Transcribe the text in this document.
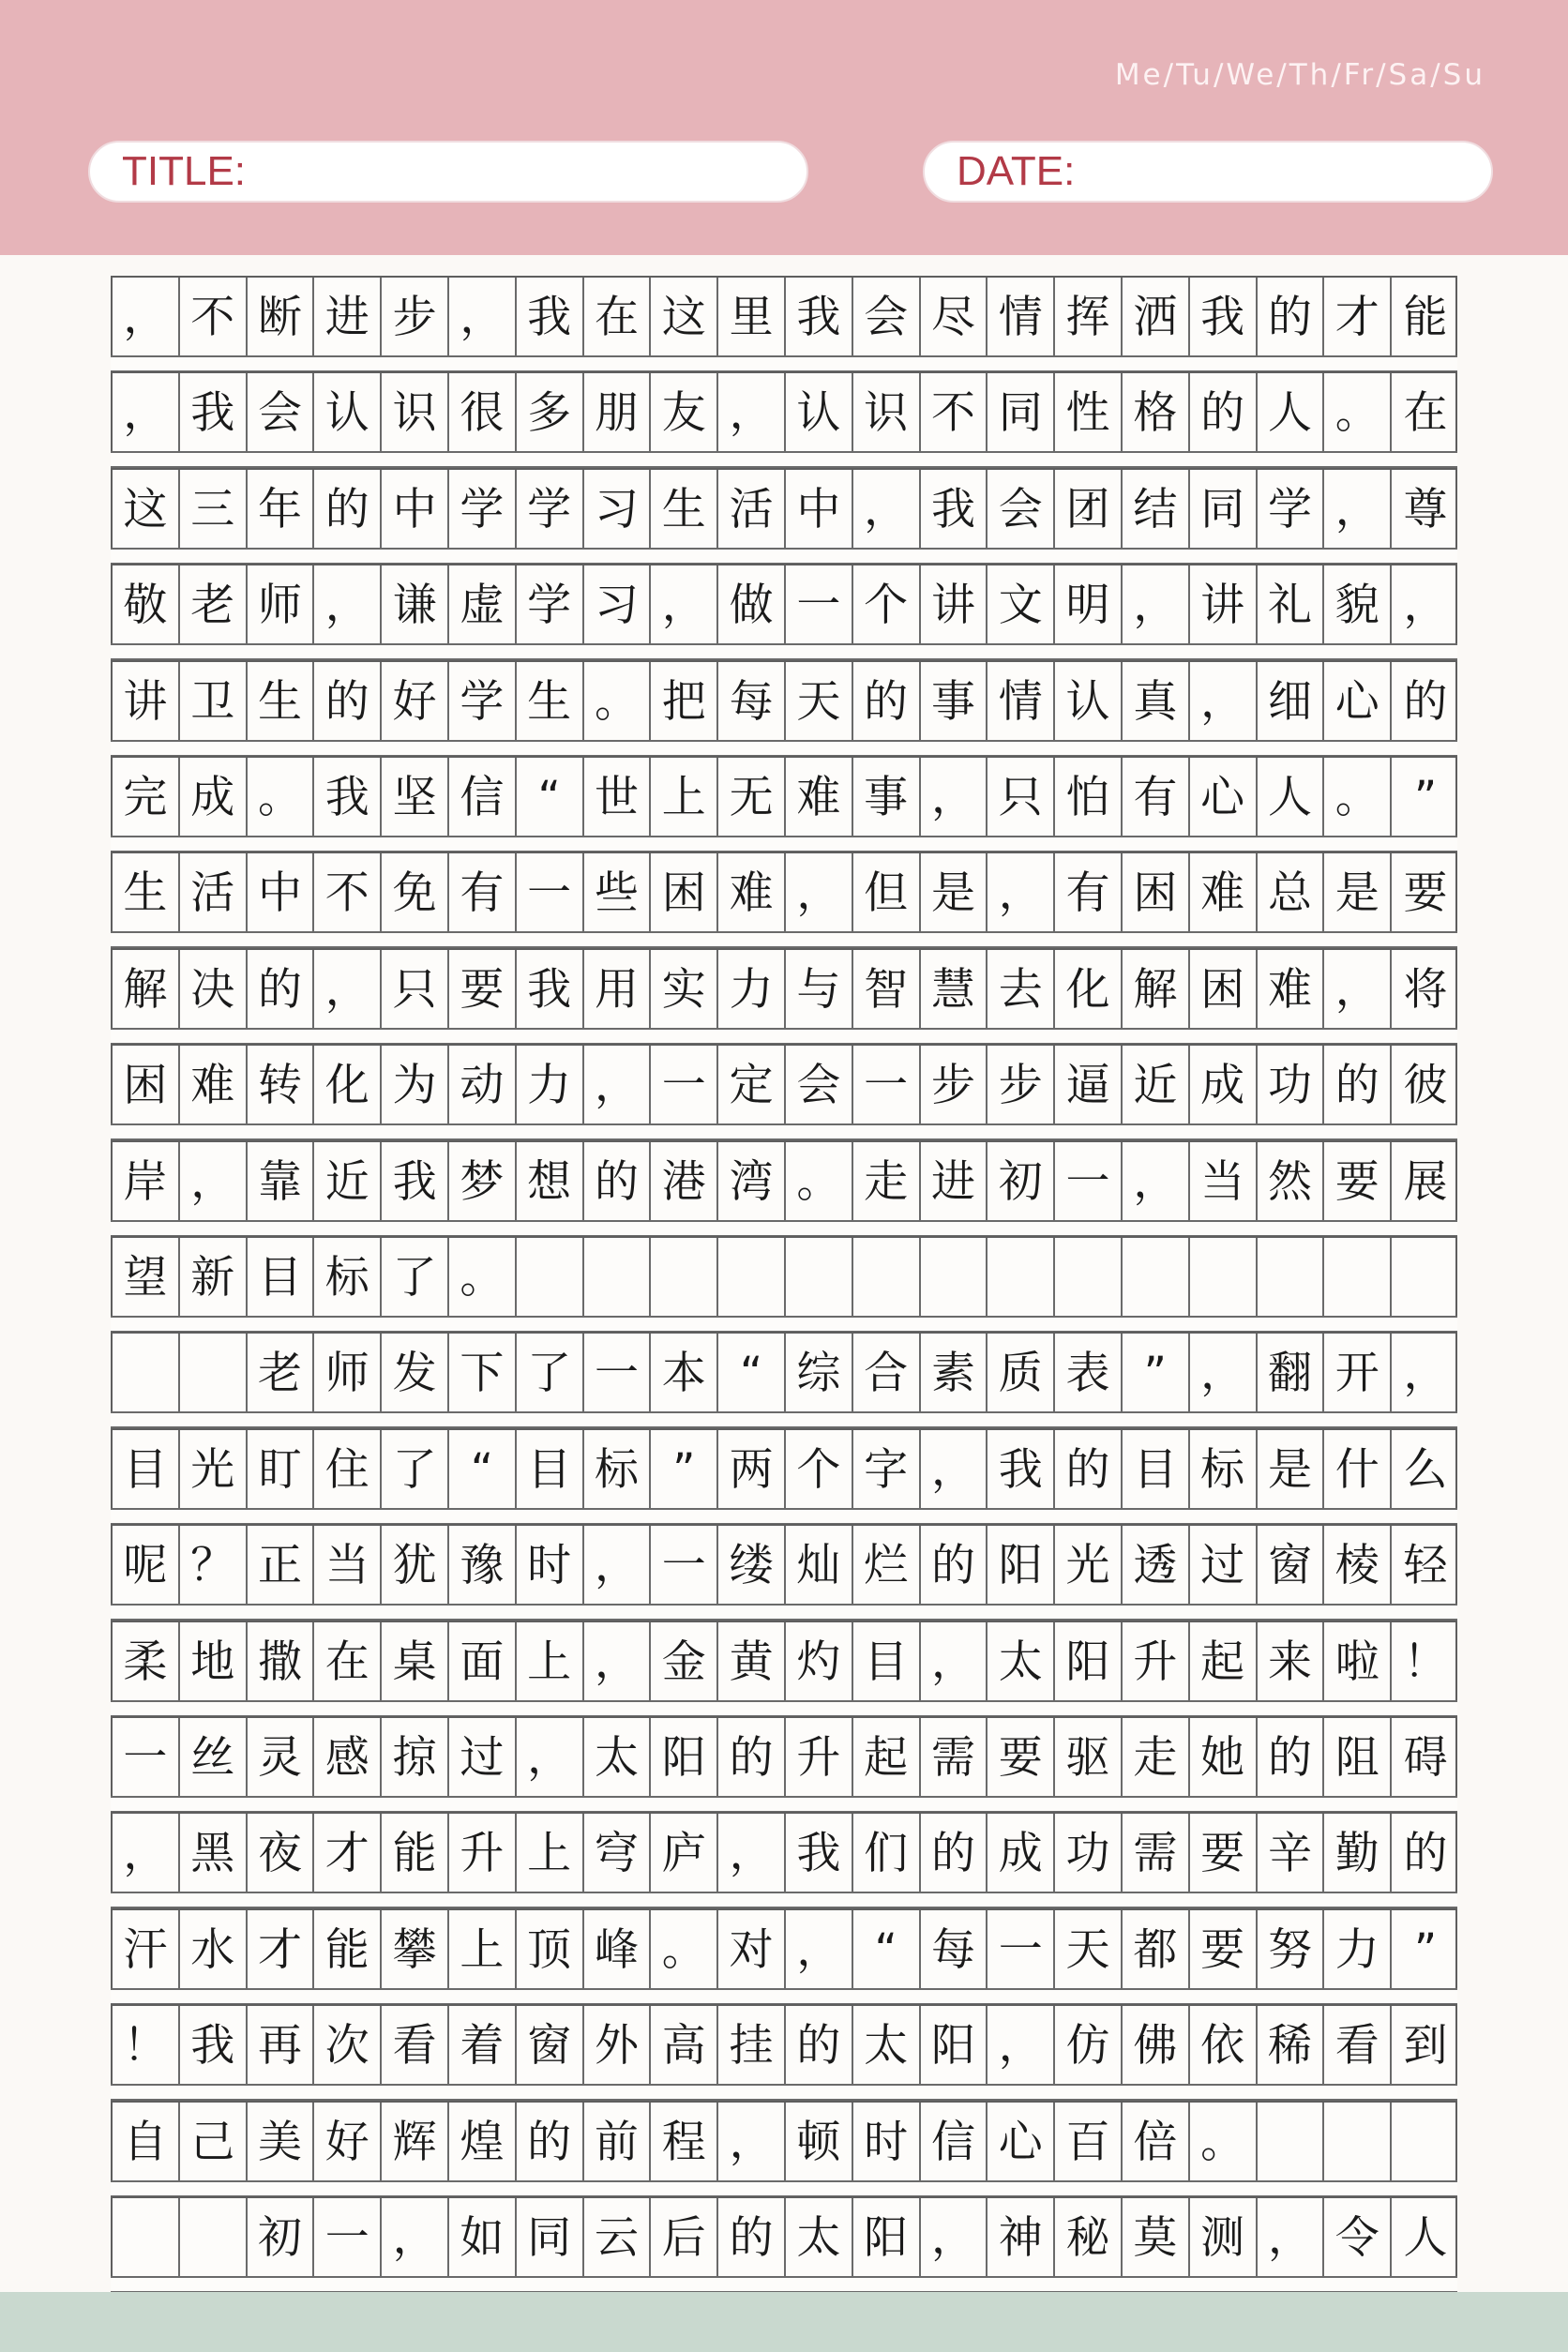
Me/Tu/We/Th/Fr/Sa/Su
TITLE:	DATE:
， 不 断 进 步 ， 我 在 这 里 我 会 尽 情 挥 洒 我 的 才 能
， 我 会 认 识 很 多 朋 友 ， 认 识 不 同 性 格 的 人 。 在
这 三 年 的 中 学 学 习 生 活 中 ， 我 会 团 结 同 学 ， 尊
敬 老 师 ， 谦 虚 学 习 ， 做 一 个 讲 文 明 ， 讲 礼 貌 ，
讲 卫 生 的 好 学 生 。 把 每 天 的 事 情 认 真 ， 细 心 的
完 成 。 我 坚 信 “ 世 上 无 难 事 ， 只 怕 有 心 人 。 ”
生 活 中 不 免 有 一 些 困 难 ， 但 是 ， 有 困 难 总 是 要
解 决 的 ， 只 要 我 用 实 力 与 智 慧 去 化 解 困 难 ， 将
困 难 转 化 为 动 力 ， 一 定 会 一 步 步 逼 近 成 功 的 彼
岸 ， 靠 近 我 梦 想 的 港 湾 。 走 进 初 一 ， 当 然 要 展
望 新 目 标 了 。
老 师 发 下 了 一 本 “ 综 合 素 质 表 ” ， 翻 开 ，
目 光 盯 住 了 “ 目 标 ” 两 个 字 ， 我 的 目 标 是 什 么
呢 ？ 正 当 犹 豫 时 ， 一 缕 灿 烂 的 阳 光 透 过 窗 棱 轻
柔 地 撒 在 桌 面 上 ， 金 黄 灼 目 ， 太 阳 升 起 来 啦 ！
一 丝 灵 感 掠 过 ， 太 阳 的 升 起 需 要 驱 走 她 的 阻 碍
， 黑 夜 才 能 升 上 穹 庐 ， 我 们 的 成 功 需 要 辛 勤 的
汗 水 才 能 攀 上 顶 峰 。 对 ， “ 每 一 天 都 要 努 力 ”
！ 我 再 次 看 着 窗 外 高 挂 的 太 阳 ， 仿 佛 依 稀 看 到
自 己 美 好 辉 煌 的 前 程 ， 顿 时 信 心 百 倍 。
初 一 ， 如 同 云 后 的 太 阳 ， 神 秘 莫 测 ， 令 人
